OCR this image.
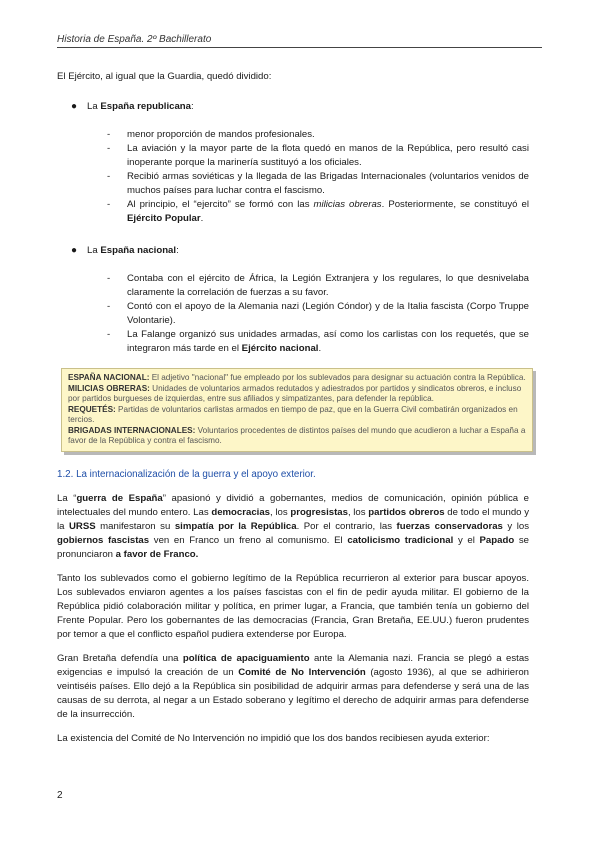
Historia de España. 2º Bachillerato

El Ejército, al igual que la Guardia, quedó dividido:

● La España republicana:
- menor proporción de mandos profesionales.
- La aviación y la mayor parte de la flota quedó en manos de la República, pero resultó casi inoperante porque la marinería sustituyó a los oficiales.
- Recibió armas soviéticas y la llegada de las Brigadas Internacionales (voluntarios venidos de muchos países para luchar contra el fascismo.
- Al principio, el “ejercito” se formó con las milicias obreras. Posteriormente, se constituyó el Ejército Popular.
● La España nacional:
- Contaba con el ejército de África, la Legión Extranjera y los regulares, lo que desnivelaba claramente la correlación de fuerzas a su favor.
- Contó con el apoyo de la Alemania nazi (Legión Cóndor) y de la Italia fascista (Corpo Truppe Volontarie).
- La Falange organizó sus unidades armadas, así como los carlistas con los requetés, que se integraron más tarde en el Ejército nacional.
ESPAÑA NACIONAL: El adjetivo "nacional" fue empleado por los sublevados para designar su actuación contra la República.
MILICIAS OBRERAS: Unidades de voluntarios armados redutados y adiestrados por partidos y sindicatos obreros, e incluso por partidos burgueses de izquierdas, entre sus afiliados y simpatizantes, para defender la república.
REQUETÉS: Partidas de voluntarios carlistas armados en tiempo de paz, que en la Guerra Civil combatirán organizados en tercios.
BRIGADAS INTERNACIONALES: Voluntarios procedentes de distintos países del mundo que acudieron a luchar a España a favor de la República y contra el fascismo.

1.2. La internacionalización de la guerra y el apoyo exterior.

La “guerra de España” apasionó y dividió a gobernantes, medios de comunicación, opinión pública e intelectuales del mundo entero. Las democracias, los progresistas, los partidos obreros de todo el mundo y la URSS manifestaron su simpatía por la República. Por el contrario, las fuerzas conservadoras y los gobiernos fascistas ven en Franco un freno al comunismo. El catolicismo tradicional y el Papado se pronunciaron a favor de Franco.

Tanto los sublevados como el gobierno legítimo de la República recurrieron al exterior para buscar apoyos. Los sublevados enviaron agentes a los países fascistas con el fin de pedir ayuda militar. El gobierno de la República pidió colaboración militar y política, en primer lugar, a Francia, que también tenía un gobierno del Frente Popular. Pero los gobernantes de las democracias (Francia, Gran Bretaña, EE.UU.) fueron prudentes por temor a que el conflicto español pudiera extenderse por Europa.

Gran Bretaña defendía una política de apaciguamiento ante la Alemania nazi. Francia se plegó a estas exigencias e impulsó la creación de un Comité de No Intervención (agosto 1936), al que se adhirieron veintiséis países. Ello dejó a la República sin posibilidad de adquirir armas para defenderse y será una de las causas de su derrota, al negar a un Estado soberano y legítimo el derecho de adquirir armas para defenderse de la insurrección.

La existencia del Comité de No Intervención no impidió que los dos bandos recibiesen ayuda exterior:

2
